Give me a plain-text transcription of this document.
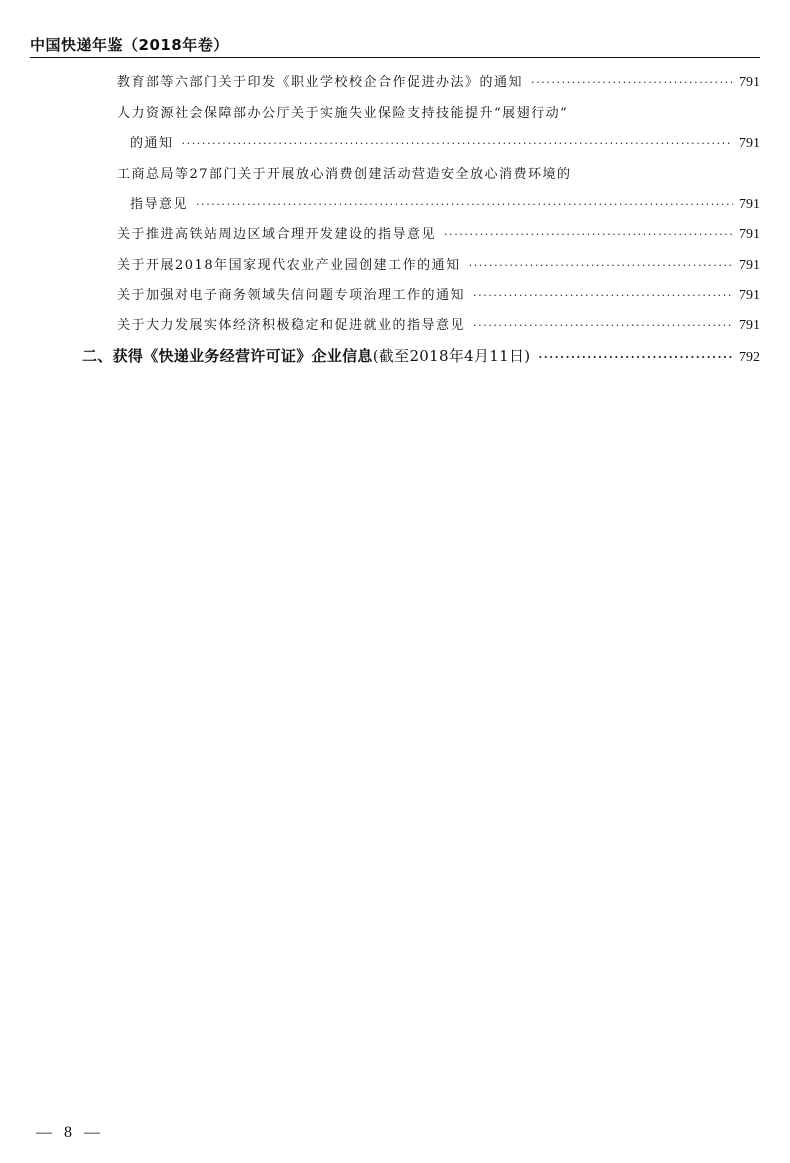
中国快递年鉴（2018年卷）
教育部等六部门关于印发《职业学校校企合作促进办法》的通知 ·····	791
人力资源社会保障部办公厅关于实施失业保险支持技能提升“展翅行动”
的通知 ·····	791
工商总局等27部门关于开展放心消费创建活动营造安全放心消费环境的
指导意见 ·····	791
关于推进高铁站周边区域合理开发建设的指导意见 ·····	791
关于开展2018年国家现代农业产业园创建工作的通知 ·····	791
关于加强对电子商务领域失信问题专项治理工作的通知 ·····	791
关于大力发展实体经济积极稳定和促进就业的指导意见 ·····	791
二、获得《快递业务经营许可证》企业信息(截至2018年4月11日) ·····	792
— 8 —
